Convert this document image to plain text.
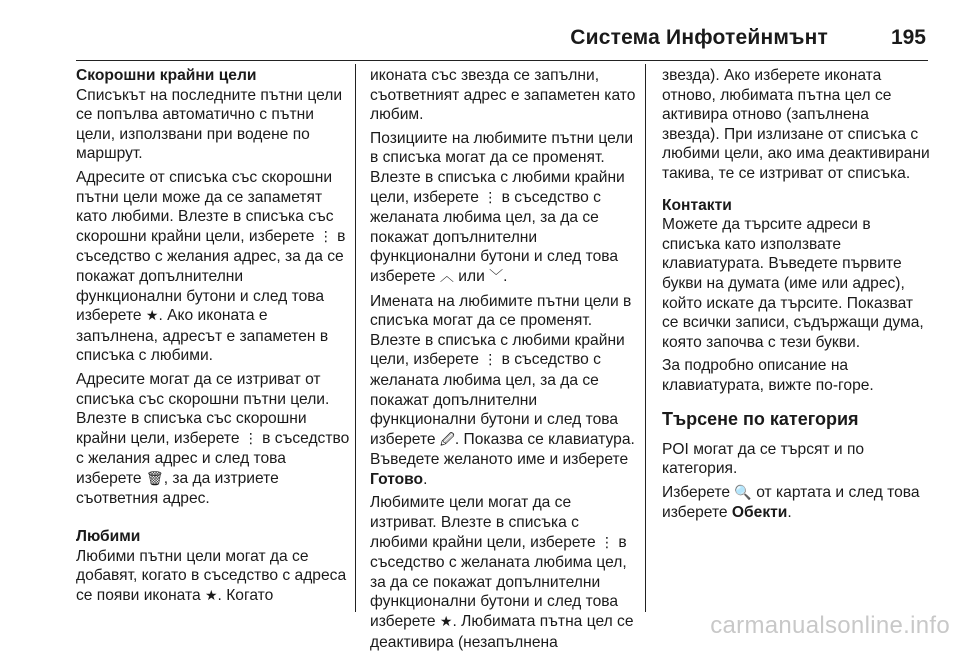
Система Инфотейнмънт	195
Скорошни крайни цели

Списъкът на последните пътни цели се попълва автоматично с пътни цели, използвани при водене по маршрут.

Адресите от списъка със скорошни пътни цели може да се запаметят като любими. Влезте в списъка със скорошни крайни цели, изберете ⋮ в съседство с желания адрес, за да се покажат допълнителни функционални бутони и след това изберете ★. Ако иконата е запълнена, адресът е запаметен в списъка с любими.

Адресите могат да се изтриват от списъка със скорошни пътни цели. Влезте в списъка със скорошни крайни цели, изберете ⋮ в съседство с желания адрес и след това изберете 🗑, за да изтриете съответния адрес.

Любими

Любими пътни цели могат да се добавят, когато в съседство с адреса се появи иконата ★. Когато

иконата със звезда се запълни, съответният адрес е запаметен като любим.

Позициите на любимите пътни цели в списъка могат да се променят. Влезте в списъка с любими крайни цели, изберете ⋮ в съседство с желаната любима цел, за да се покажат допълнителни функционални бутони и след това изберете ︿ или ﹀.

Имената на любимите пътни цели в списъка могат да се променят. Влезте в списъка с любими крайни цели, изберете ⋮ в съседство с желаната любима цел, за да се покажат допълнителни функционални бутони и след това изберете 🖉. Показва се клавиатура. Въведете желаното име и изберете Готово.

Любимите цели могат да се изтриват. Влезте в списъка с любими крайни цели, изберете ⋮ в съседство с желаната любима цел, за да се покажат допълнителни функционални бутони и след това изберете ★. Любимата пътна цел се деактивира (незапълнена

звезда). Ако изберете иконата отново, любимата пътна цел се активира отново (запълнена звезда). При излизане от списъка с любими цели, ако има деактивирани такива, те се изтриват от списъка.

Контакти

Можете да търсите адреси в списъка като използвате клавиатурата. Въведете първите букви на думата (име или адрес), който искате да търсите. Показват се всички записи, съдържащи дума, която започва с тези букви.

За подробно описание на клавиатурата, вижте по-горе.

Търсене по категория

POI могат да се търсят и по категория.

Изберете 🔍 от картата и след това изберете Обекти.

carmanualsonline.info
